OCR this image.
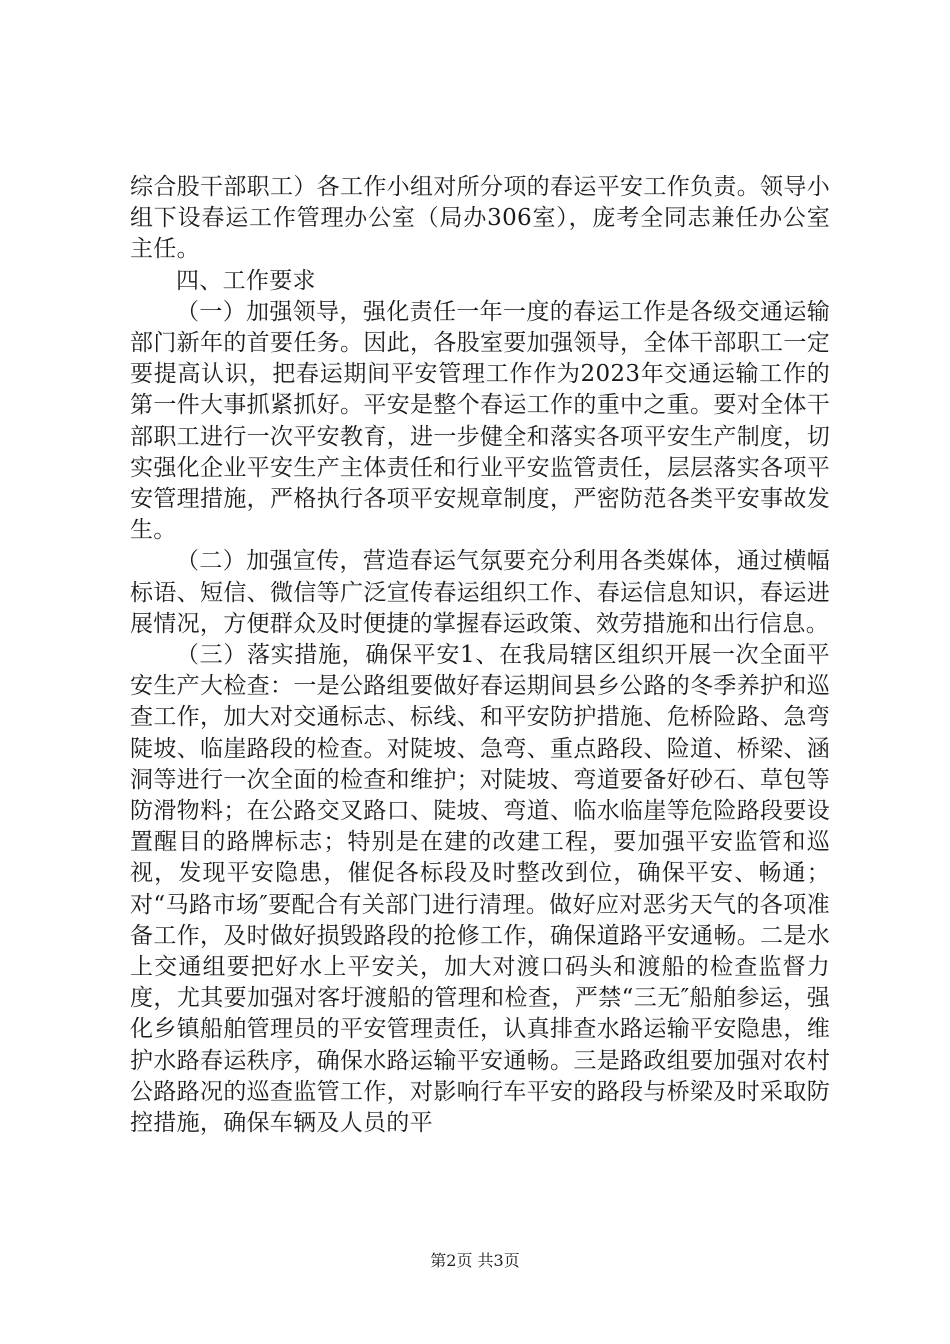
综合股干部职工）各工作小组对所分项的春运平安工作负责。领导小组下设春运工作管理办公室（局办306室），庞考全同志兼任办公室主任。

四、工作要求

（一）加强领导，强化责任一年一度的春运工作是各级交通运输部门新年的首要任务。因此，各股室要加强领导，全体干部职工一定要提高认识，把春运期间平安管理工作作为2023年交通运输工作的第一件大事抓紧抓好。平安是整个春运工作的重中之重。要对全体干部职工进行一次平安教育，进一步健全和落实各项平安生产制度，切实强化企业平安生产主体责任和行业平安监管责任，层层落实各项平安管理措施，严格执行各项平安规章制度，严密防范各类平安事故发生。

（二）加强宣传，营造春运气氛要充分利用各类媒体，通过横幅标语、短信、微信等广泛宣传春运组织工作、春运信息知识，春运进展情况，方便群众及时便捷的掌握春运政策、效劳措施和出行信息。

（三）落实措施，确保平安1、在我局辖区组织开展一次全面平安生产大检查：一是公路组要做好春运期间县乡公路的冬季养护和巡查工作，加大对交通标志、标线、和平安防护措施、危桥险路、急弯陡坡、临崖路段的检查。对陡坡、急弯、重点路段、险道、桥梁、涵洞等进行一次全面的检查和维护；对陡坡、弯道要备好砂石、草包等防滑物料；在公路交叉路口、陡坡、弯道、临水临崖等危险路段要设置醒目的路牌标志；特别是在建的改建工程，要加强平安监管和巡视，发现平安隐患，催促各标段及时整改到位，确保平安、畅通；对“马路市场″要配合有关部门进行清理。做好应对恶劣天气的各项准备工作，及时做好损毁路段的抢修工作，确保道路平安通畅。二是水上交通组要把好水上平安关，加大对渡口码头和渡船的检查监督力度，尤其要加强对客圩渡船的管理和检查，严禁“三无″船舶参运，强化乡镇船舶管理员的平安管理责任，认真排查水路运输平安隐患，维护水路春运秩序，确保水路运输平安通畅。三是路政组要加强对农村公路路况的巡查监管工作，对影响行车平安的路段与桥梁及时采取防控措施，确保车辆及人员的平

第2页 共3页
